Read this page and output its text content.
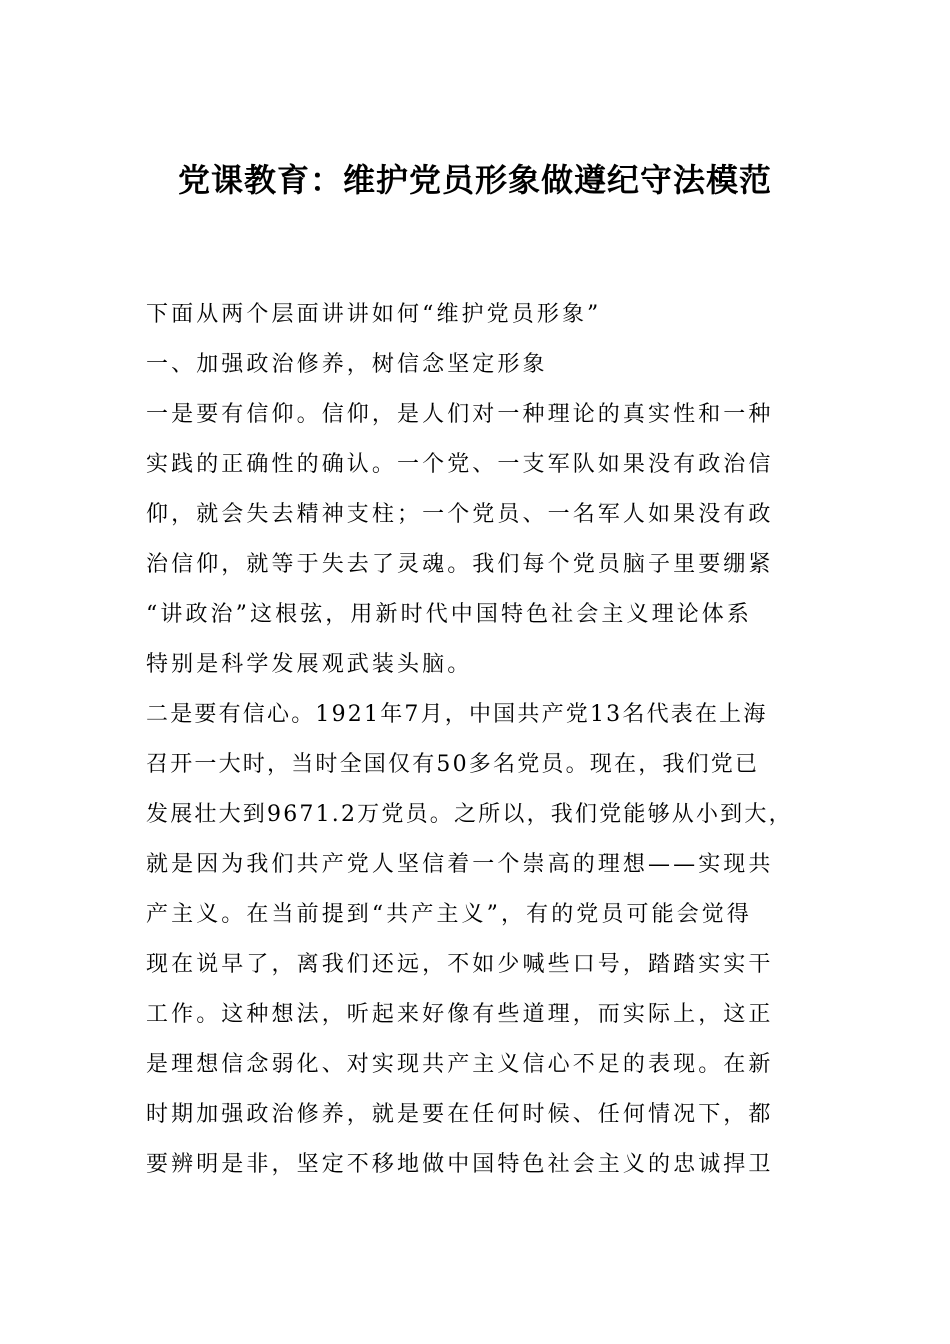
党课教育：维护党员形象做遵纪守法模范
下面从两个层面讲讲如何“维护党员形象”
一、加强政治修养，树信念坚定形象
一是要有信仰。信仰，是人们对一种理论的真实性和一种
实践的正确性的确认。一个党、一支军队如果没有政治信
仰，就会失去精神支柱；一个党员、一名军人如果没有政
治信仰，就等于失去了灵魂。我们每个党员脑子里要绷紧
“讲政治”这根弦，用新时代中国特色社会主义理论体系
特别是科学发展观武装头脑。
二是要有信心。1921年7月，中国共产党13名代表在上海
召开一大时，当时全国仅有50多名党员。现在，我们党已
发展壮大到9671.2万党员。之所以，我们党能够从小到大，
就是因为我们共产党人坚信着一个崇高的理想——实现共
产主义。在当前提到“共产主义”，有的党员可能会觉得
现在说早了，离我们还远，不如少喊些口号，踏踏实实干
工作。这种想法，听起来好像有些道理，而实际上，这正
是理想信念弱化、对实现共产主义信心不足的表现。在新
时期加强政治修养，就是要在任何时候、任何情况下，都
要辨明是非，坚定不移地做中国特色社会主义的忠诚捍卫
